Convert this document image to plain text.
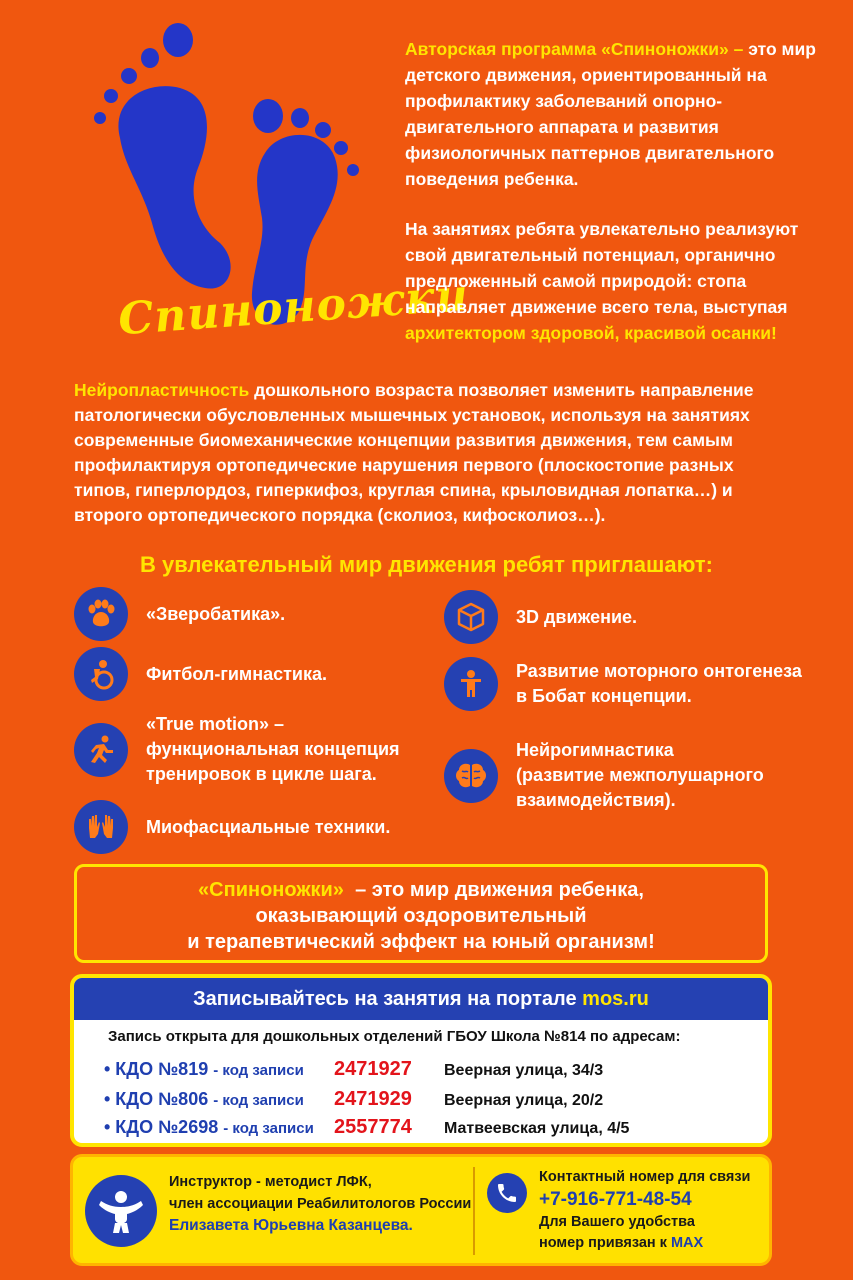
Спиноножки

Авторская программа «Спиноножки» – это мир детского движения, ориентированный на профилактику заболеваний опорно-двигательного аппарата и развития физиологичных паттернов двигательного поведения ребенка.

На занятиях ребята увлекательно реализуют свой двигательный потенциал, органично предложенный самой природой: стопа направляет движение всего тела, выступая архитектором здоровой, красивой осанки!

Нейропластичность дошкольного возраста позволяет изменить направление патологически обусловленных мышечных установок, используя на занятиях современные биомеханические концепции развития движения, тем самым профилактируя ортопедические нарушения первого (плоскостопие разных типов, гиперлордоз, гиперкифоз, круглая спина, крыловидная лопатка…) и второго ортопедического порядка (сколиоз, кифосколиоз…).
В увлекательный мир движения ребят приглашают:
«Зверобатика».
Фитбол-гимнастика.
«True motion» –
функциональная концепция
тренировок в цикле шага.
Миофасциальные техники.
3D движение.
Развитие моторного онтогенеза
в Бобат концепции.
Нейрогимнастика
(развитие межполушарного
взаимодействия).
«Спиноножки» – это мир движения ребенка,
оказывающий оздоровительный
и терапевтический эффект на юный организм!
Записывайтесь на занятия на портале mos.ru
Запись открыта для дошкольных отделений ГБОУ Школа №814 по адресам:
• КДО №819 - код записи	2471927	Веерная улица, 34/3
• КДО №806 - код записи	2471929	Веерная улица, 20/2
• КДО №2698 - код записи	2557774	Матвеевская улица, 4/5
Инструктор - методист ЛФК,
член ассоциации Реабилитологов России
Елизавета Юрьевна Казанцева.
Контактный номер для связи
+7-916-771-48-54
Для Вашего удобства
номер привязан к MAX
